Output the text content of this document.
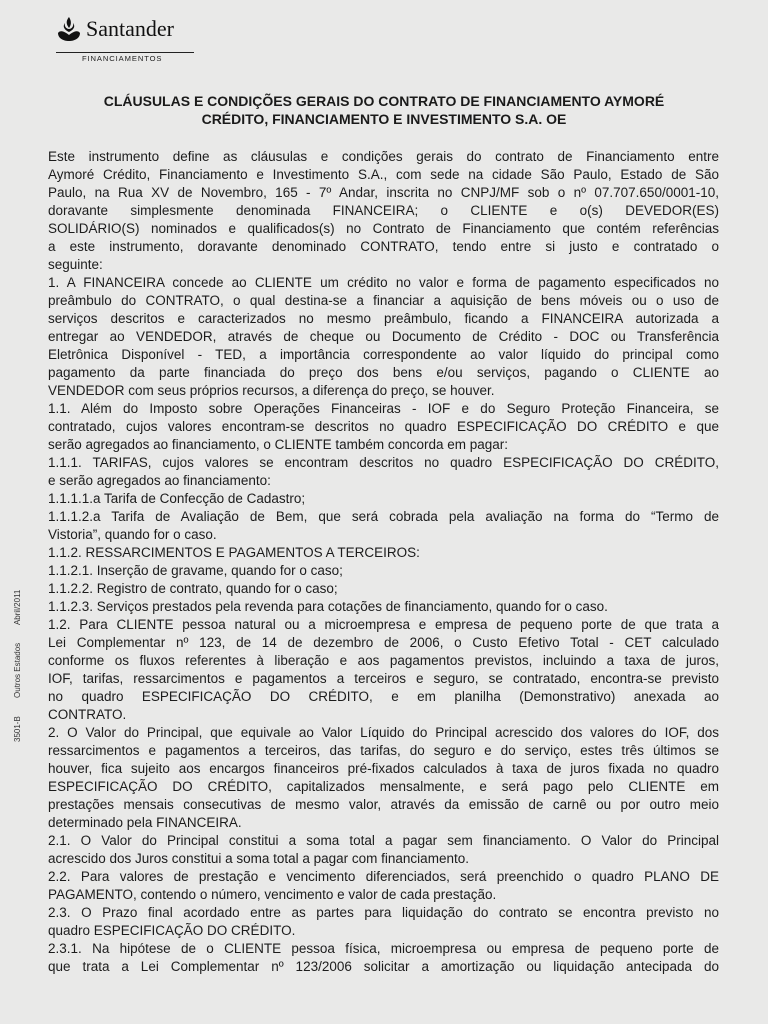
Santander
FINANCIAMENTOS
CLÁUSULAS E CONDIÇÕES GERAIS DO CONTRATO DE FINANCIAMENTO AYMORÉ
CRÉDITO, FINANCIAMENTO E INVESTIMENTO S.A. OE
Este instrumento define as cláusulas e condições gerais do contrato de Financiamento entre
Aymoré Crédito, Financiamento e Investimento S.A., com sede na cidade São Paulo, Estado de São
Paulo, na Rua XV de Novembro, 165 - 7º Andar, inscrita no CNPJ/MF sob o nº 07.707.650/0001-10,
doravante simplesmente denominada FINANCEIRA; o CLIENTE e o(s) DEVEDOR(ES)
SOLIDÁRIO(S) nominados e qualificados(s) no Contrato de Financiamento que contém referências
a este instrumento, doravante denominado CONTRATO, tendo entre si justo e contratado o
seguinte:
1. A FINANCEIRA concede ao CLIENTE um crédito no valor e forma de pagamento especificados no
preâmbulo do CONTRATO, o qual destina-se a financiar a aquisição de bens móveis ou o uso de
serviços descritos e caracterizados no mesmo preâmbulo, ficando a FINANCEIRA autorizada a
entregar ao VENDEDOR, através de cheque ou Documento de Crédito - DOC ou Transferência
Eletrônica Disponível - TED, a importância correspondente ao valor líquido do principal como
pagamento da parte financiada do preço dos bens e/ou serviços, pagando o CLIENTE ao
VENDEDOR com seus próprios recursos, a diferença do preço, se houver.
1.1. Além do Imposto sobre Operações Financeiras - IOF e do Seguro Proteção Financeira, se
contratado, cujos valores encontram-se descritos no quadro ESPECIFICAÇÃO DO CRÉDITO e que
serão agregados ao financiamento, o CLIENTE também concorda em pagar:
1.1.1. TARIFAS, cujos valores se encontram descritos no quadro ESPECIFICAÇÃO DO CRÉDITO,
e serão agregados ao financiamento:
1.1.1.1.a Tarifa de Confecção de Cadastro;
1.1.1.2.a Tarifa de Avaliação de Bem, que será cobrada pela avaliação na forma do “Termo de
Vistoria”, quando for o caso.
1.1.2. RESSARCIMENTOS E PAGAMENTOS A TERCEIROS:
1.1.2.1. Inserção de gravame, quando for o caso;
1.1.2.2. Registro de contrato, quando for o caso;
1.1.2.3. Serviços prestados pela revenda para cotações de financiamento, quando for o caso.
1.2. Para CLIENTE pessoa natural ou a microempresa e empresa de pequeno porte de que trata a
Lei Complementar nº 123, de 14 de dezembro de 2006, o Custo Efetivo Total - CET calculado
conforme os fluxos referentes à liberação e aos pagamentos previstos, incluindo a taxa de juros,
IOF, tarifas, ressarcimentos e pagamentos a terceiros e seguro, se contratado, encontra-se previsto
no quadro ESPECIFICAÇÃO DO CRÉDITO, e em planilha (Demonstrativo) anexada ao
CONTRATO.
2. O Valor do Principal, que equivale ao Valor Líquido do Principal acrescido dos valores do IOF, dos
ressarcimentos e pagamentos a terceiros, das tarifas, do seguro e do serviço, estes três últimos se
houver, fica sujeito aos encargos financeiros pré-fixados calculados à taxa de juros fixada no quadro
ESPECIFICAÇÃO DO CRÉDITO, capitalizados mensalmente, e será pago pelo CLIENTE em
prestações mensais consecutivas de mesmo valor, através da emissão de carnê ou por outro meio
determinado pela FINANCEIRA.
2.1. O Valor do Principal constitui a soma total a pagar sem financiamento. O Valor do Principal
acrescido dos Juros constitui a soma total a pagar com financiamento.
2.2. Para valores de prestação e vencimento diferenciados, será preenchido o quadro PLANO DE
PAGAMENTO, contendo o número, vencimento e valor de cada prestação.
2.3. O Prazo final acordado entre as partes para liquidação do contrato se encontra previsto no
quadro ESPECIFICAÇÃO DO CRÉDITO.
2.3.1. Na hipótese de o CLIENTE pessoa física, microempresa ou empresa de pequeno porte de
que trata a Lei Complementar nº 123/2006 solicitar a amortização ou liquidação antecipada do
3501-B Outros Estados Abril/2011
